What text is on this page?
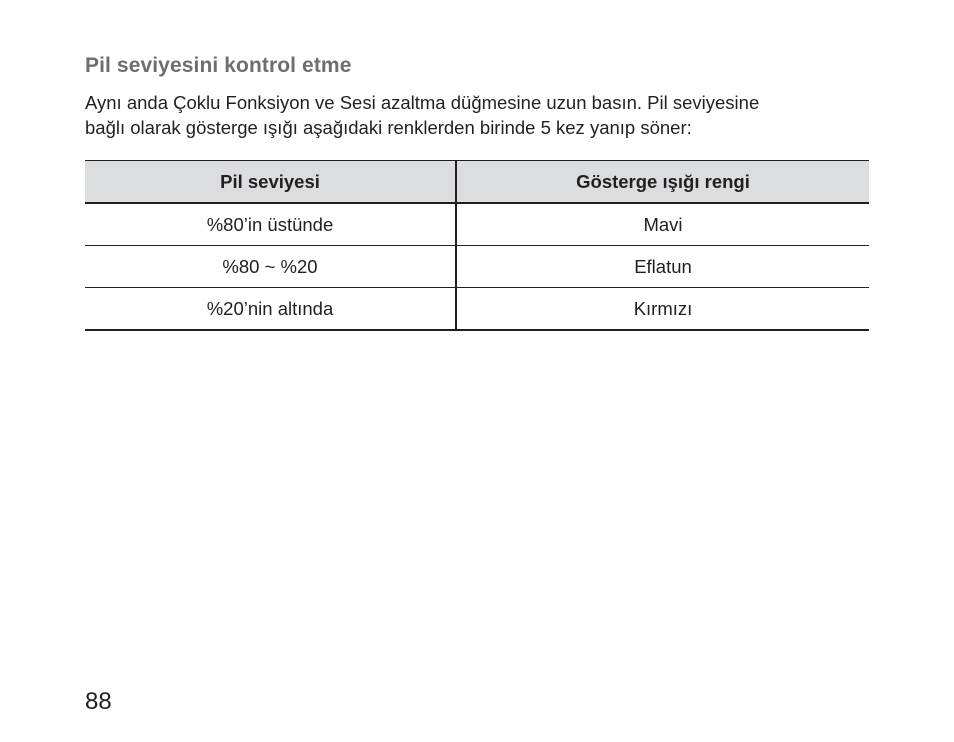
Pil seviyesini kontrol etme

Aynı anda Çoklu Fonksiyon ve Sesi azaltma düğmesine uzun basın. Pil seviyesine
bağlı olarak gösterge ışığı aşağıdaki renklerden birinde 5 kez yanıp söner:

Pil seviyesi	Gösterge ışığı rengi
%80’in üstünde	Mavi
%80 ~ %20	Eflatun
%20’nin altında	Kırmızı

88
